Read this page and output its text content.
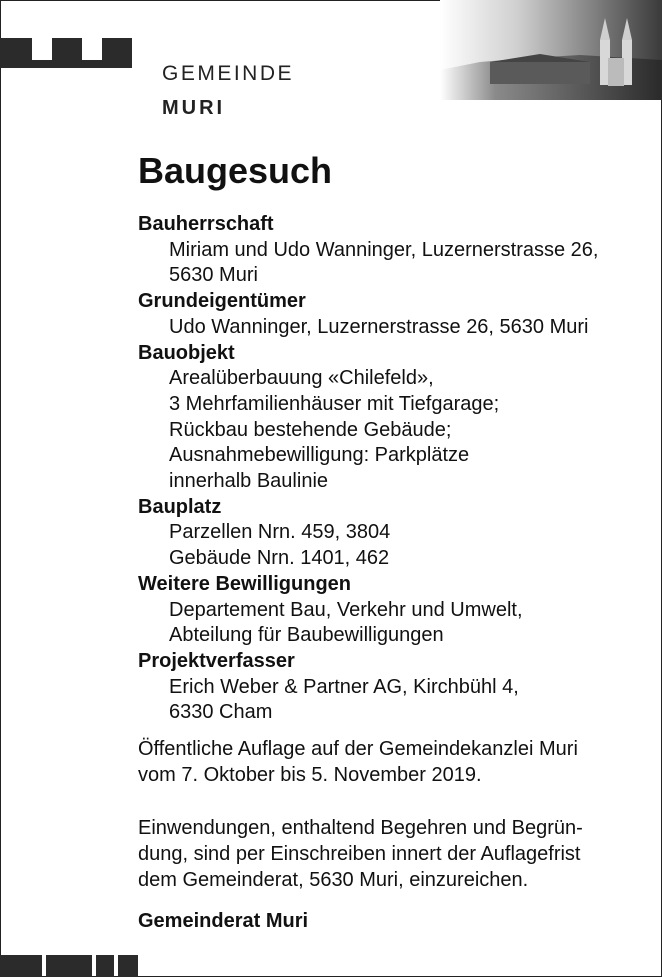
GEMEINDE
MURI
Baugesuch

Bauherrschaft

Miriam und Udo Wanninger, Luzernerstrasse 26,

5630 Muri

Grundeigentümer

Udo Wanninger, Luzernerstrasse 26, 5630 Muri

Bauobjekt

Arealüberbauung «Chilefeld»,

3 Mehrfamilienhäuser mit Tiefgarage;

Rückbau bestehende Gebäude;

Ausnahmebewilligung: Parkplätze

innerhalb Baulinie

Bauplatz

Parzellen Nrn. 459, 3804

Gebäude Nrn. 1401, 462

Weitere Bewilligungen

Departement Bau, Verkehr und Umwelt,

Abteilung für Baubewilligungen

Projektverfasser

Erich Weber & Partner AG, Kirchbühl 4,

6330 Cham

Öffentliche Auflage auf der Gemeindekanzlei Muri
vom 7. Oktober bis 5. November 2019.
Einwendungen, enthaltend Begehren und Begrün-
dung, sind per Einschreiben innert der Auflagefrist
dem Gemeinderat, 5630 Muri, einzureichen.

Gemeinderat Muri
